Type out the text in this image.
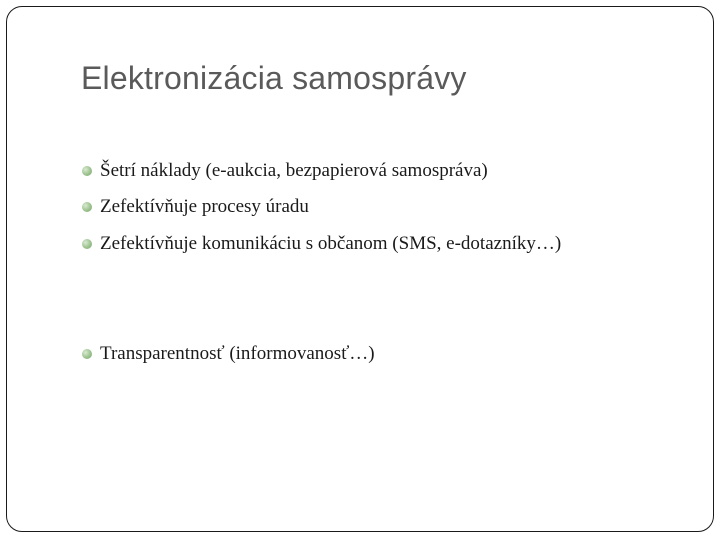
Elektronizácia samosprávy
Šetrí náklady (e-aukcia, bezpapierová samospráva)
Zefektívňuje procesy úradu
Zefektívňuje komunikáciu s občanom (SMS, e-dotazníky…)
Transparentnosť (informovanosť…)
